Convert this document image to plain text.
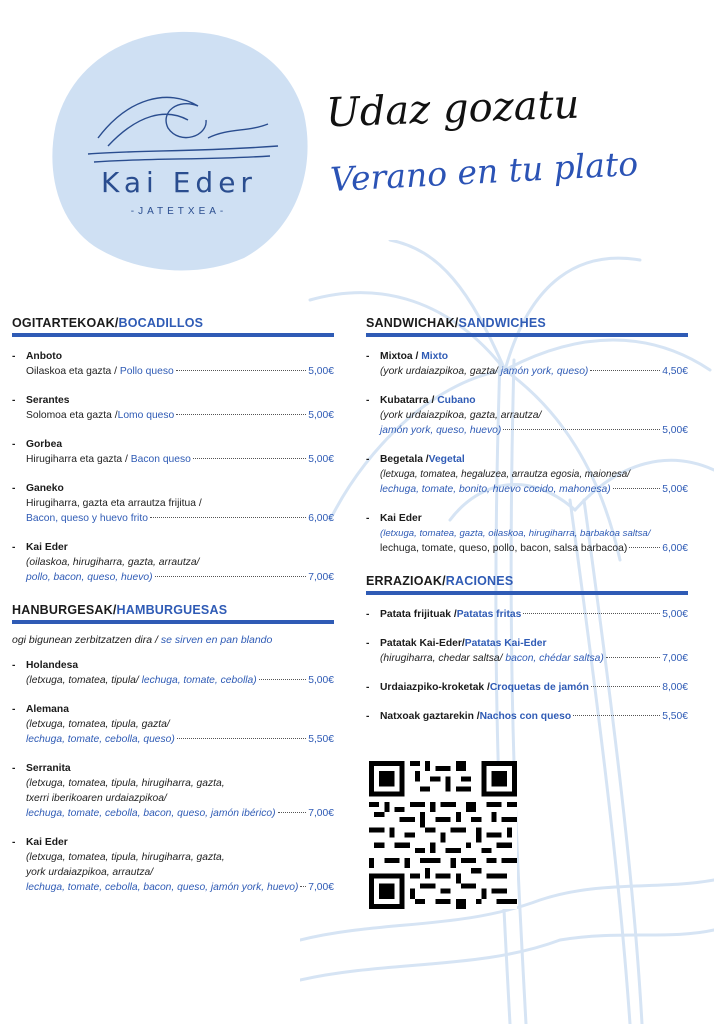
Kai Eder
-JATETXEA-
Udaz gozatu
Verano en tu plato
OGITARTEKOAK/BOCADILLOS
- Anboto
Oilaskoa eta gazta /
Pollo queso	5,00€
- Serantes
Solomoa eta gazta / Lomo queso	5,00€
- Gorbea
Hirugiharra eta gazta /
Bacon queso	5,00€
- Ganeko
Hirugiharra, gazta eta arrautza frijitua /
Bacon, queso y huevo frito	6,00€
- Kai Eder
(oilaskoa, hirugiharra, gazta, arrautza/
pollo, bacon, queso, huevo)	7,00€
HANBURGESAK/HAMBURGUESAS
ogi bigunean zerbitzatzen dira / se sirven en pan blando
- Holandesa
(letxuga, tomatea, tipula/
lechuga, tomate, cebolla)	5,00€
- Alemana
(letxuga, tomatea, tipula, gazta/
lechuga, tomate, cebolla, queso)	5,50€
- Serranita
(letxuga, tomatea, tipula, hirugiharra, gazta,
txerri iberikoaren urdaiazpikoa/
lechuga, tomate, cebolla, bacon, queso, jamón ibérico)	7,00€
- Kai Eder
(letxuga, tomatea, tipula, hirugiharra, gazta,
york urdaiazpikoa, arrautza/
lechuga, tomate, cebolla, bacon, queso, jamón york, huevo) 7,00€
SANDWICHAK/SANDWICHES
- Mixtoa / Mixto
(york urdaiazpikoa, gazta/
jamón york, queso)	4,50€
- Kubatarra / Cubano
(york urdaiazpikoa, gazta, arrautza/
jamón york, queso, huevo)	5,00€
- Begetala /Vegetal
(letxuga, tomatea, hegaluzea, arrautza egosia, maionesa/
lechuga, tomate, bonito, huevo cocido, mahonesa)	5,00€
- Kai Eder
(letxuga, tomatea, gazta, oilaskoa, hirugiharra, barbakoa saltsa/
lechuga, tomate, queso, pollo, bacon, salsa barbacoa)	6,00€
ERRAZIOAK/RACIONES
- Patata frijituak / Patatas fritas	5,00€
- Patatak Kai-Eder/Patatas Kai-Eder
(hirugiharra, chedar saltsa/
bacon, chédar saltsa)	7,00€
- Urdaiazpiko-kroketak / Croquetas de jamón	8,00€
- Natxoak gaztarekin / Nachos con queso	5,50€
